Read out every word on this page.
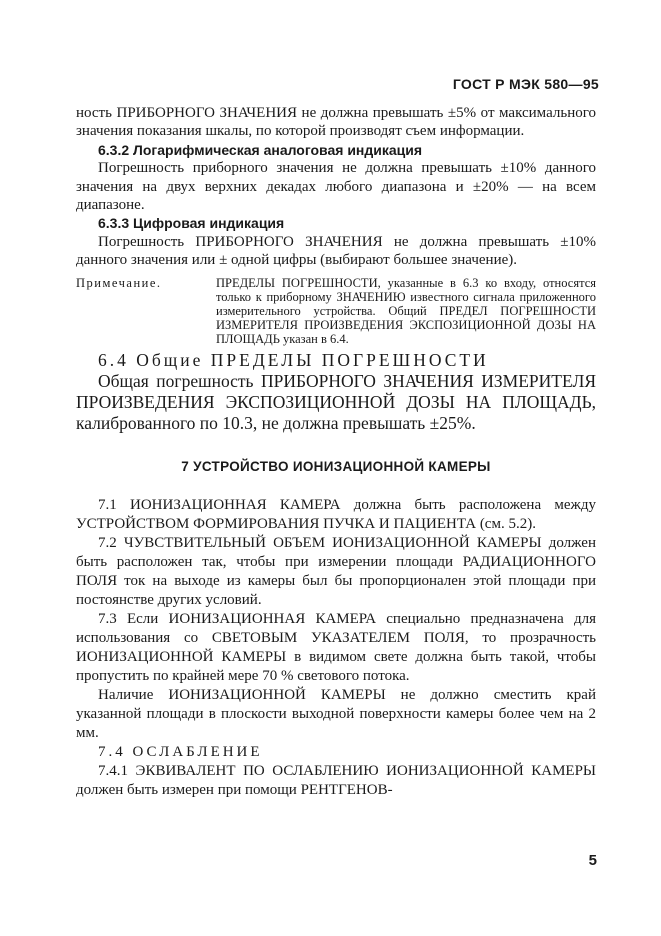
ГОСТ Р МЭК 580—95

ность ПРИБОРНОГО ЗНАЧЕНИЯ не должна превышать ±5% от максимального значения показания шкалы, по которой производят съем информации.

6.3.2 Логарифмическая аналоговая индикация

Погрешность приборного значения не должна превышать ±10% данного значения на двух верхних декадах любого диапазона и ±20% — на всем диапазоне.

6.3.3 Цифровая индикация

Погрешность ПРИБОРНОГО ЗНАЧЕНИЯ не должна превышать ±10% данного значения или ± одной цифры (выбирают большее значение).

Примечание.	ПРЕДЕЛЫ ПОГРЕШНОСТИ, указанные в 6.3 ко входу, относятся только к приборному ЗНАЧЕНИЮ известного сигнала приложенного измерительного устройства. Общий ПРЕДЕЛ ПОГРЕШНОСТИ ИЗМЕРИТЕЛЯ ПРОИЗВЕДЕНИЯ ЭКСПОЗИЦИОННОЙ ДОЗЫ НА ПЛОЩАДЬ указан в 6.4.

6.4 Общие ПРЕДЕЛЫ ПОГРЕШНОСТИ

Общая погрешность ПРИБОРНОГО ЗНАЧЕНИЯ ИЗМЕРИТЕЛЯ ПРОИЗВЕДЕНИЯ ЭКСПОЗИЦИОННОЙ ДОЗЫ НА ПЛОЩАДЬ, калиброванного по 10.3, не должна превышать ±25%.

7 УСТРОЙСТВО ИОНИЗАЦИОННОЙ КАМЕРЫ

7.1 ИОНИЗАЦИОННАЯ КАМЕРА должна быть расположена между УСТРОЙСТВОМ ФОРМИРОВАНИЯ ПУЧКА И ПАЦИЕНТА (см. 5.2).

7.2 ЧУВСТВИТЕЛЬНЫЙ ОБЪЕМ ИОНИЗАЦИОННОЙ КАМЕРЫ должен быть расположен так, чтобы при измерении площади РАДИАЦИОННОГО ПОЛЯ ток на выходе из камеры был бы пропорционален этой площади при постоянстве других условий.

7.3 Если ИОНИЗАЦИОННАЯ КАМЕРА специально предназначена для использования со СВЕТОВЫМ УКАЗАТЕЛЕМ ПОЛЯ, то прозрачность ИОНИЗАЦИОННОЙ КАМЕРЫ в видимом свете должна быть такой, чтобы пропустить по крайней мере 70 % светового потока.

Наличие ИОНИЗАЦИОННОЙ КАМЕРЫ не должно сместить край указанной площади в плоскости выходной поверхности камеры более чем на 2 мм.

7.4 ОСЛАБЛЕНИЕ

7.4.1 ЭКВИВАЛЕНТ ПО ОСЛАБЛЕНИЮ ИОНИЗАЦИОННОЙ КАМЕРЫ должен быть измерен при помощи РЕНТГЕНОВ-

5
